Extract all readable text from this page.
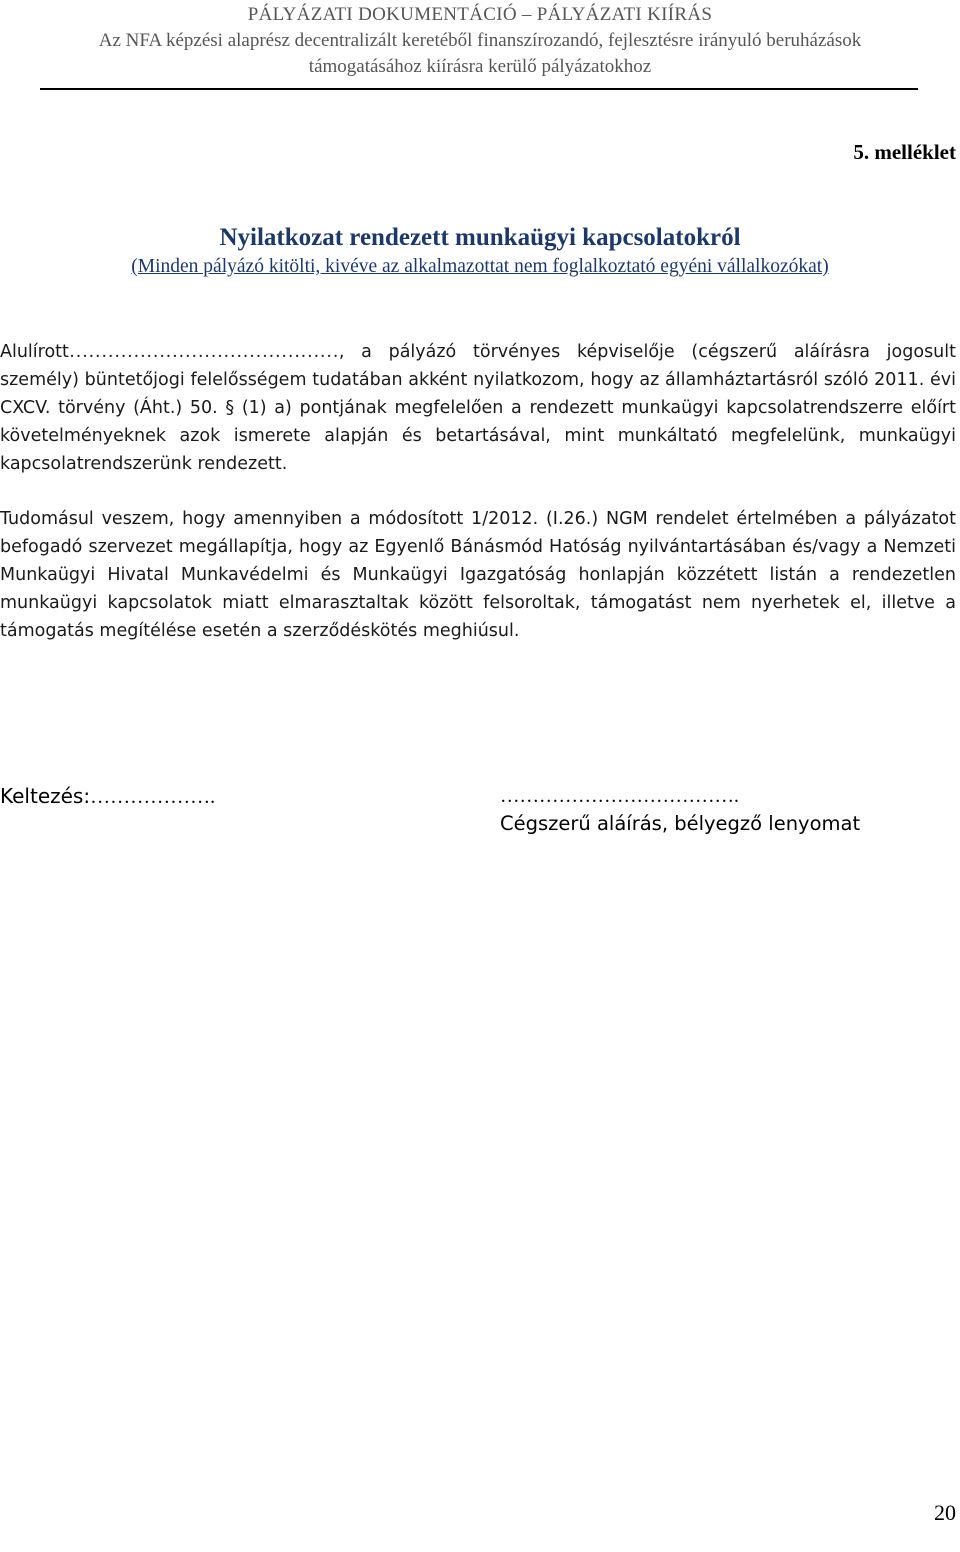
PÁLYÁZATI DOKUMENTÁCIÓ – PÁLYÁZATI KIÍRÁS
Az NFA képzési alaprész decentralizált keretéből finanszírozandó, fejlesztésre irányuló beruházások
támogatásához kiírásra kerülő pályázatokhoz
5. melléklet
Nyilatkozat rendezett munkaügyi kapcsolatokról
(Minden pályázó kitölti, kivéve az alkalmazottat nem foglalkoztató egyéni vállalkozókat)
Alulírott……………………………………, a pályázó törvényes képviselője (cégszerű aláírásra jogosult személy) büntetőjogi felelősségem tudatában akként nyilatkozom, hogy az államháztartásról szóló 2011. évi CXCV. törvény (Áht.) 50. § (1) a) pontjának megfelelően a rendezett munkaügyi kapcsolatrendszerre előírt követelményeknek azok ismerete alapján és betartásával, mint munkáltató megfelelünk, munkaügyi kapcsolatrendszerünk rendezett.
Tudomásul veszem, hogy amennyiben a módosított 1/2012. (I.26.) NGM rendelet értelmében a pályázatot befogadó szervezet megállapítja, hogy az Egyenlő Bánásmód Hatóság nyilvántartásában és/vagy a Nemzeti Munkaügyi Hivatal Munkavédelmi és Munkaügyi Igazgatóság honlapján közzétett listán a rendezetlen munkaügyi kapcsolatok miatt elmarasztaltak között felsoroltak, támogatást nem nyerhetek el, illetve a támogatás megítélése esetén a szerződéskötés meghiúsul.
Keltezés:……………….	……………………………….
Cégszerű aláírás, bélyegző lenyomat
20
